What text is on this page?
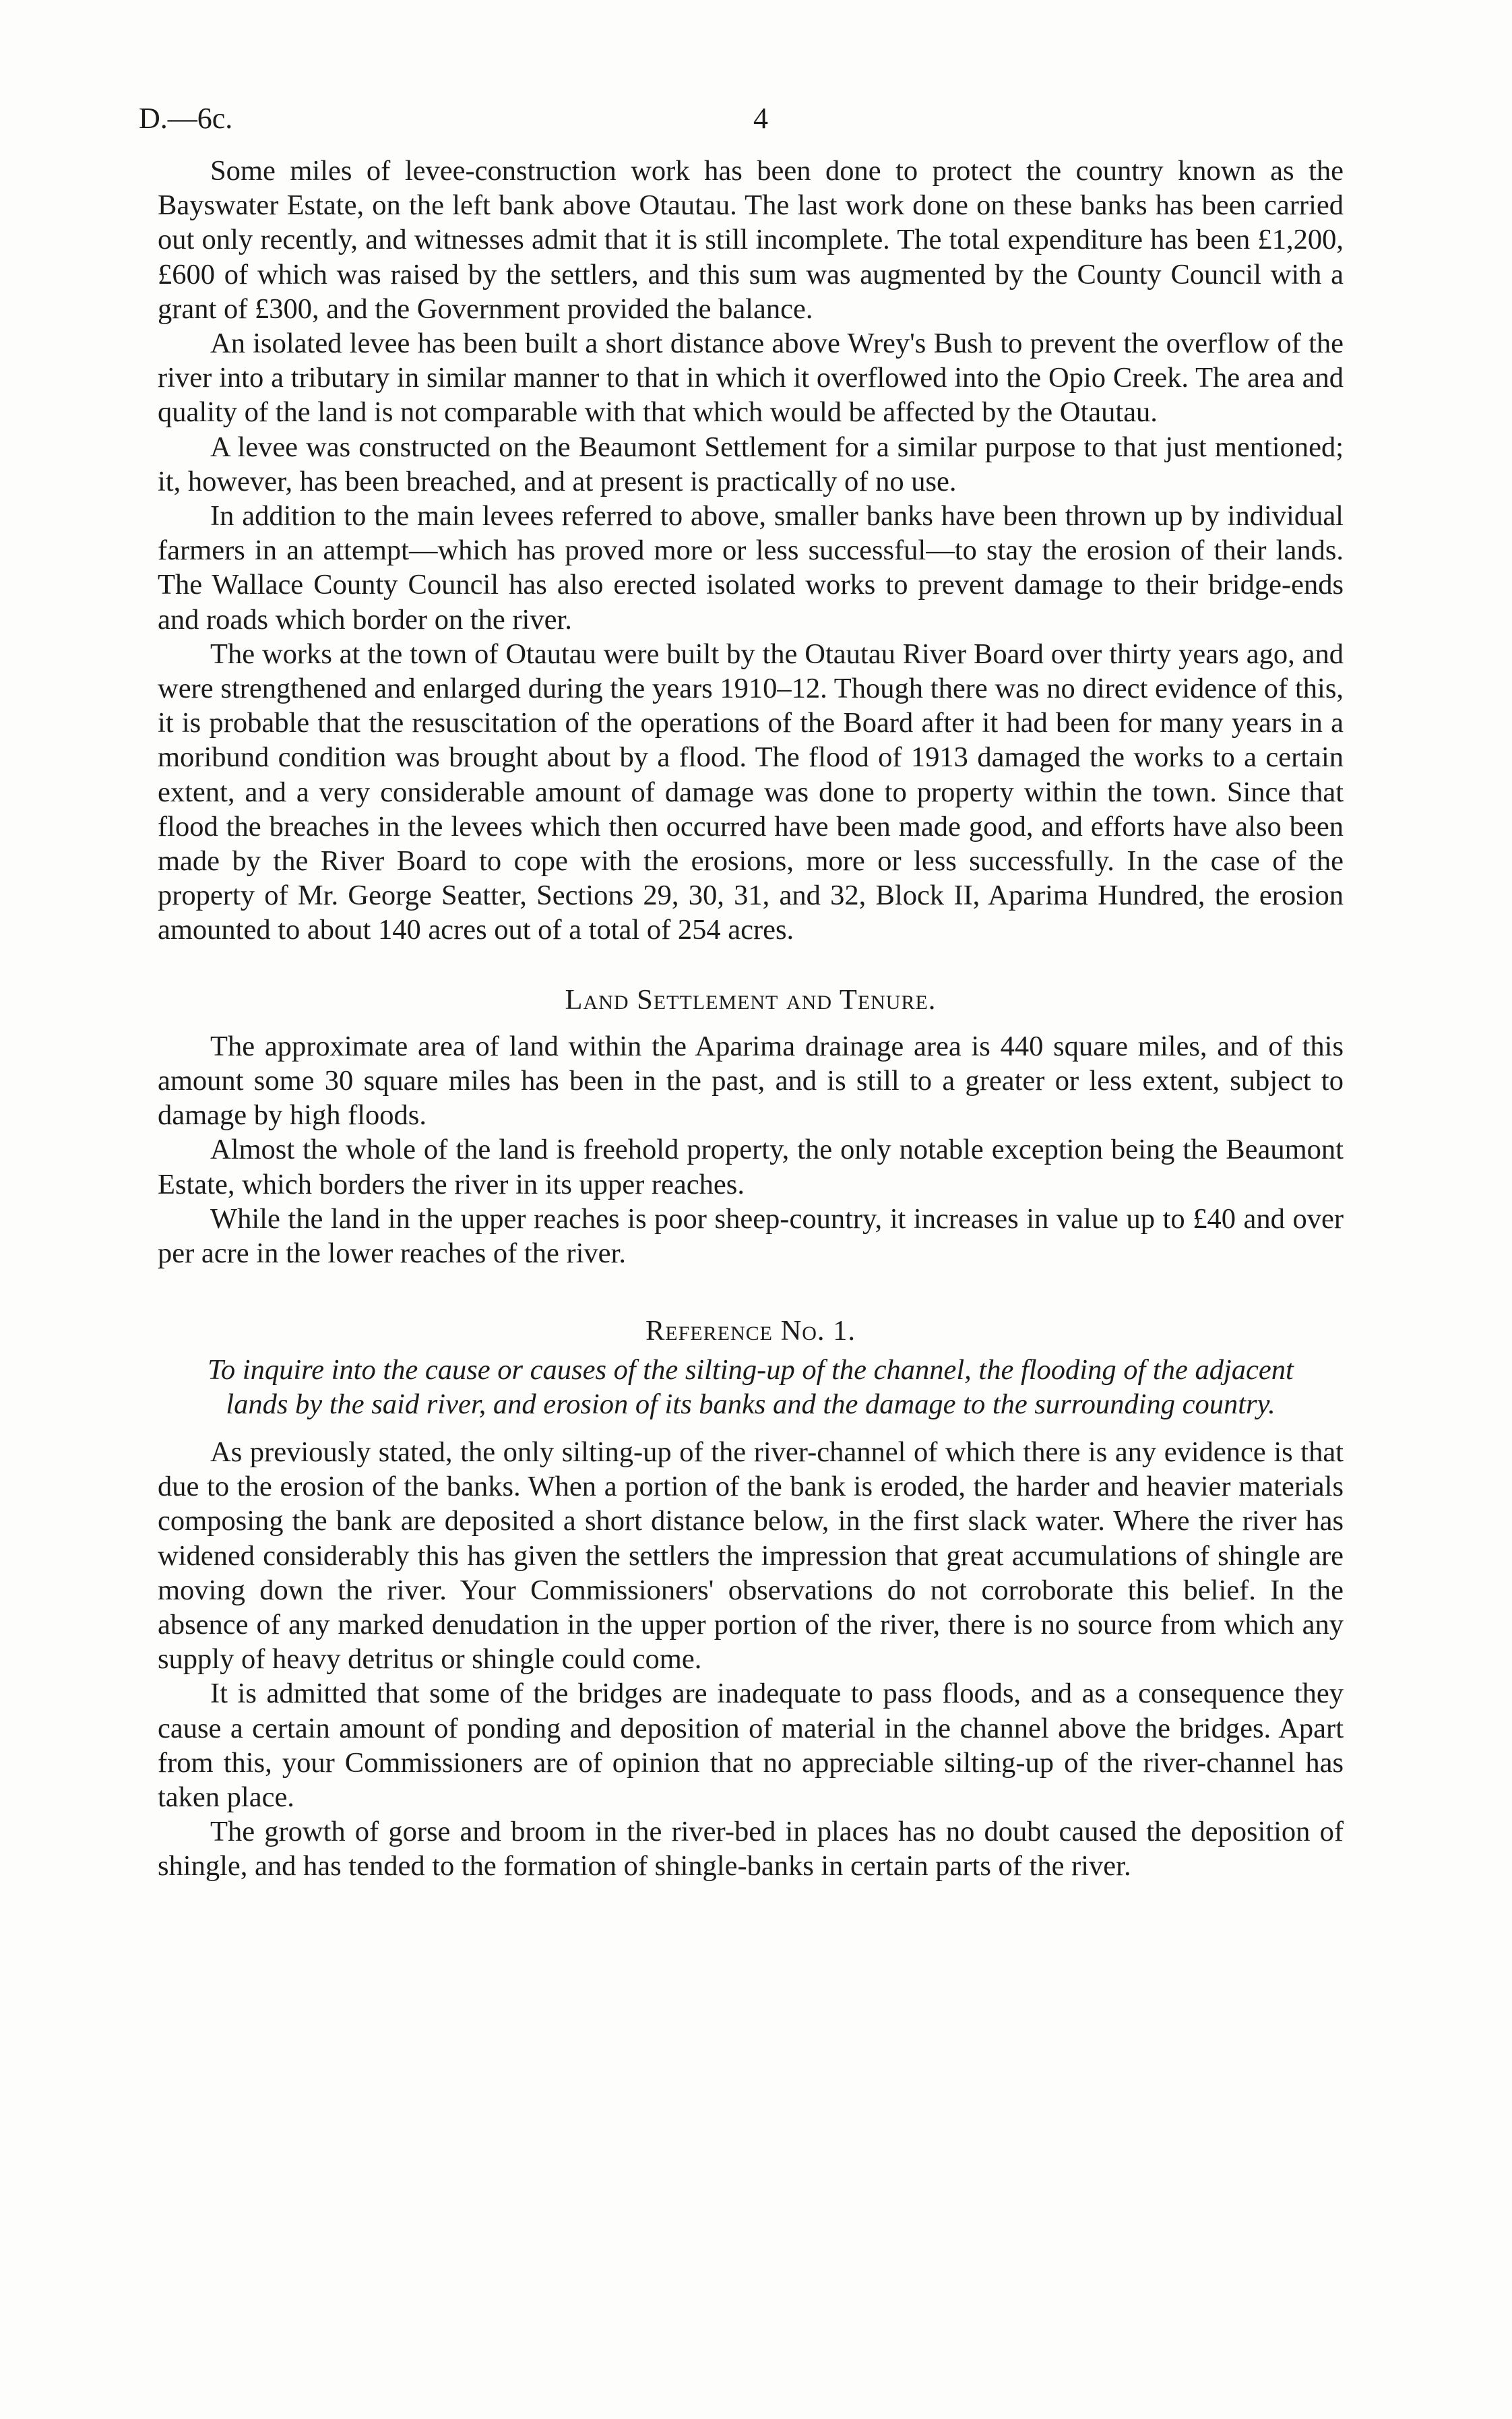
D.—6c.	4

Some miles of levee-construction work has been done to protect the country known as the Bayswater Estate, on the left bank above Otautau. The last work done on these banks has been carried out only recently, and witnesses admit that it is still incomplete. The total expenditure has been £1,200, £600 of which was raised by the settlers, and this sum was augmented by the County Council with a grant of £300, and the Government provided the balance.

An isolated levee has been built a short distance above Wrey's Bush to prevent the overflow of the river into a tributary in similar manner to that in which it overflowed into the Opio Creek. The area and quality of the land is not comparable with that which would be affected by the Otautau.

A levee was constructed on the Beaumont Settlement for a similar purpose to that just mentioned; it, however, has been breached, and at present is practically of no use.

In addition to the main levees referred to above, smaller banks have been thrown up by individual farmers in an attempt—which has proved more or less successful—to stay the erosion of their lands. The Wallace County Council has also erected isolated works to prevent damage to their bridge-ends and roads which border on the river.

The works at the town of Otautau were built by the Otautau River Board over thirty years ago, and were strengthened and enlarged during the years 1910–12. Though there was no direct evidence of this, it is probable that the resuscitation of the operations of the Board after it had been for many years in a moribund condition was brought about by a flood. The flood of 1913 damaged the works to a certain extent, and a very considerable amount of damage was done to property within the town. Since that flood the breaches in the levees which then occurred have been made good, and efforts have also been made by the River Board to cope with the erosions, more or less successfully. In the case of the property of Mr. George Seatter, Sections 29, 30, 31, and 32, Block II, Aparima Hundred, the erosion amounted to about 140 acres out of a total of 254 acres.

Land Settlement and Tenure.

The approximate area of land within the Aparima drainage area is 440 square miles, and of this amount some 30 square miles has been in the past, and is still to a greater or less extent, subject to damage by high floods.

Almost the whole of the land is freehold property, the only notable exception being the Beaumont Estate, which borders the river in its upper reaches.

While the land in the upper reaches is poor sheep-country, it increases in value up to £40 and over per acre in the lower reaches of the river.

Reference No. 1.
To inquire into the cause or causes of the silting-up of the channel, the flooding of the adjacent lands by the said river, and erosion of its banks and the damage to the surrounding country.

As previously stated, the only silting-up of the river-channel of which there is any evidence is that due to the erosion of the banks. When a portion of the bank is eroded, the harder and heavier materials composing the bank are deposited a short distance below, in the first slack water. Where the river has widened considerably this has given the settlers the impression that great accumulations of shingle are moving down the river. Your Commissioners' observations do not corroborate this belief. In the absence of any marked denudation in the upper portion of the river, there is no source from which any supply of heavy detritus or shingle could come.

It is admitted that some of the bridges are inadequate to pass floods, and as a consequence they cause a certain amount of ponding and deposition of material in the channel above the bridges. Apart from this, your Commissioners are of opinion that no appreciable silting-up of the river-channel has taken place.

The growth of gorse and broom in the river-bed in places has no doubt caused the deposition of shingle, and has tended to the formation of shingle-banks in certain parts of the river.
